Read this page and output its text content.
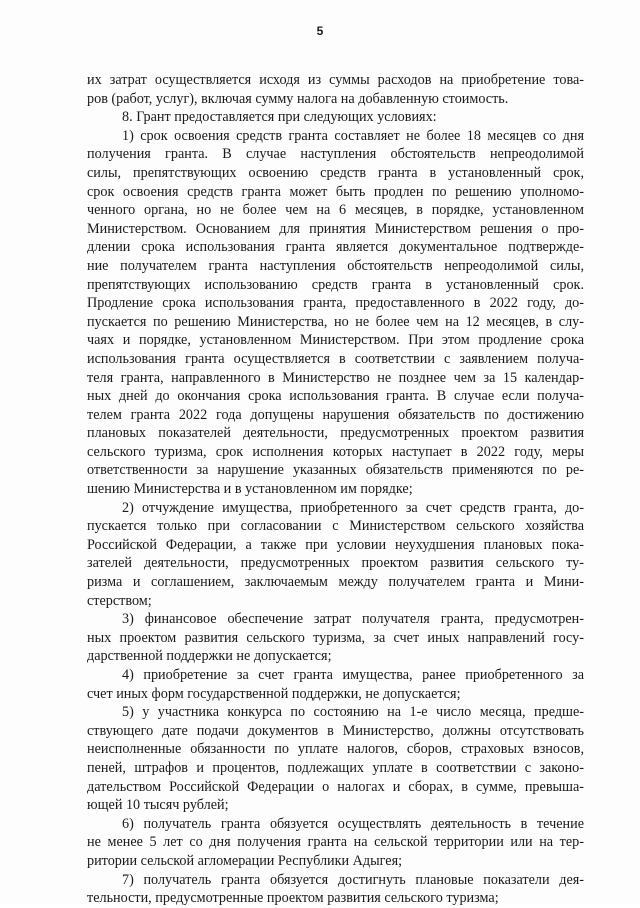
5
их затрат осуществляется исходя из суммы расходов на приобретение това-
ров (работ, услуг), включая сумму налога на добавленную стоимость.
8. Грант предоставляется при следующих условиях:
1) срок освоения средств гранта составляет не более 18 месяцев со дня
получения гранта. В случае наступления обстоятельств непреодолимой
силы, препятствующих освоению средств гранта в установленный срок,
срок освоения средств гранта может быть продлен по решению уполномо-
ченного органа, но не более чем на 6 месяцев, в порядке, установленном
Министерством. Основанием для принятия Министерством решения о про-
длении срока использования гранта является документальное подтвержде-
ние получателем гранта наступления обстоятельств непреодолимой силы,
препятствующих использованию средств гранта в установленный срок.
Продление срока использования гранта, предоставленного в 2022 году, до-
пускается по решению Министерства, но не более чем на 12 месяцев, в слу-
чаях и порядке, установленном Министерством. При этом продление срока
использования гранта осуществляется в соответствии с заявлением получа-
теля гранта, направленного в Министерство не позднее чем за 15 календар-
ных дней до окончания срока использования гранта. В случае если получа-
телем гранта 2022 года допущены нарушения обязательств по достижению
плановых показателей деятельности, предусмотренных проектом развития
сельского туризма, срок исполнения которых наступает в 2022 году, меры
ответственности за нарушение указанных обязательств применяются по ре-
шению Министерства и в установленном им порядке;
2) отчуждение имущества, приобретенного за счет средств гранта, до-
пускается только при согласовании с Министерством сельского хозяйства
Российской Федерации, а также при условии неухудшения плановых пока-
зателей деятельности, предусмотренных проектом развития сельского ту-
ризма и соглашением, заключаемым между получателем гранта и Мини-
стерством;
3) финансовое обеспечение затрат получателя гранта, предусмотрен-
ных проектом развития сельского туризма, за счет иных направлений госу-
дарственной поддержки не допускается;
4) приобретение за счет гранта имущества, ранее приобретенного за
счет иных форм государственной поддержки, не допускается;
5) у участника конкурса по состоянию на 1-е число месяца, предше-
ствующего дате подачи документов в Министерство, должны отсутствовать
неисполненные обязанности по уплате налогов, сборов, страховых взносов,
пеней, штрафов и процентов, подлежащих уплате в соответствии с законо-
дательством Российской Федерации о налогах и сборах, в сумме, превыша-
ющей 10 тысяч рублей;
6) получатель гранта обязуется осуществлять деятельность в течение
не менее 5 лет со дня получения гранта на сельской территории или на тер-
ритории сельской агломерации Республики Адыгея;
7) получатель гранта обязуется достигнуть плановые показатели дея-
тельности, предусмотренные проектом развития сельского туризма;
